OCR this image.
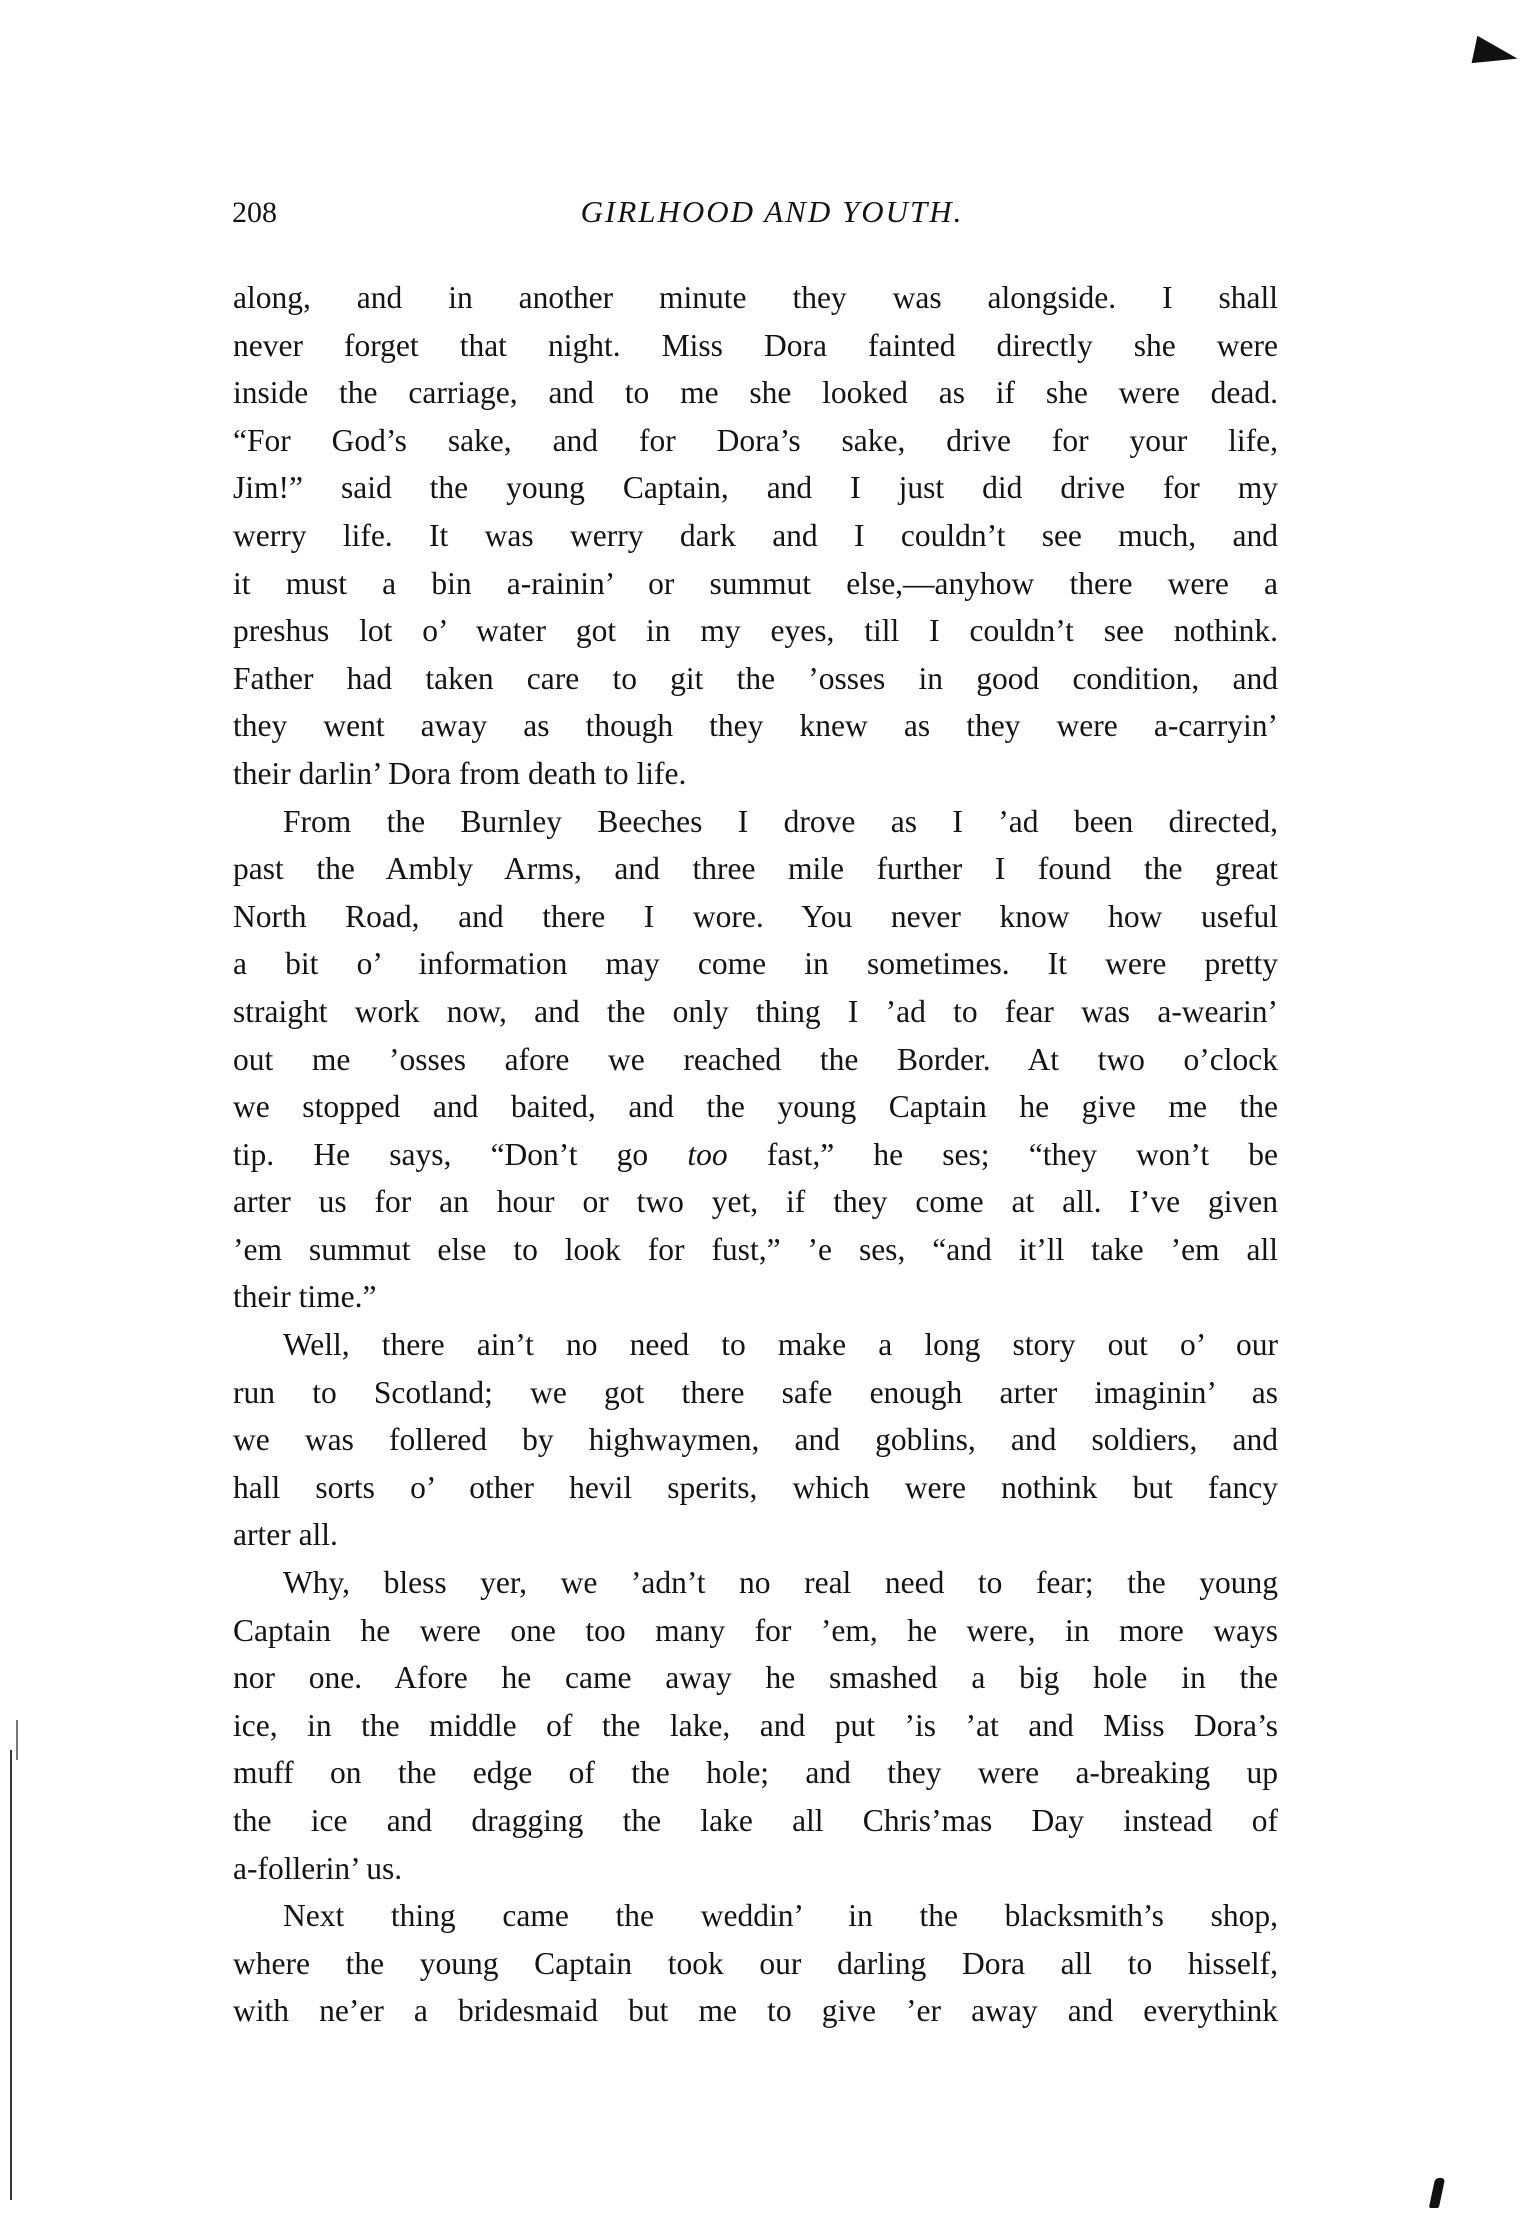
208	GIRLHOOD AND YOUTH.
along, and in another minute they was alongside. I shall
never forget that night. Miss Dora fainted directly she were
inside the carriage, and to me she looked as if she were dead.
“For God’s sake, and for Dora’s sake, drive for your life,
Jim!” said the young Captain, and I just did drive for my
werry life. It was werry dark and I couldn’t see much, and
it must a bin a-rainin’ or summut else,—anyhow there were a
preshus lot o’ water got in my eyes, till I couldn’t see nothink.
Father had taken care to git the ’osses in good condition, and
they went away as though they knew as they were a-carryin’
their darlin’ Dora from death to life.
From the Burnley Beeches I drove as I ’ad been directed,
past the Ambly Arms, and three mile further I found the great
North Road, and there I wore. You never know how useful
a bit o’ information may come in sometimes. It were pretty
straight work now, and the only thing I ’ad to fear was a-wearin’
out me ’osses afore we reached the Border. At two o’clock
we stopped and baited, and the young Captain he give me the
tip. He says, “Don’t go too fast,” he ses; “they won’t be
arter us for an hour or two yet, if they come at all. I’ve given
’em summut else to look for fust,” ’e ses, “and it’ll take ’em all
their time.”
Well, there ain’t no need to make a long story out o’ our
run to Scotland; we got there safe enough arter imaginin’ as
we was follered by highwaymen, and goblins, and soldiers, and
hall sorts o’ other hevil sperits, which were nothink but fancy
arter all.
Why, bless yer, we ’adn’t no real need to fear; the young
Captain he were one too many for ’em, he were, in more ways
nor one. Afore he came away he smashed a big hole in the
ice, in the middle of the lake, and put ’is ’at and Miss Dora’s
muff on the edge of the hole; and they were a-breaking up
the ice and dragging the lake all Chris’mas Day instead of
a-follerin’ us.
Next thing came the weddin’ in the blacksmith’s shop,
where the young Captain took our darling Dora all to hisself,
with ne’er a bridesmaid but me to give ’er away and everythink
